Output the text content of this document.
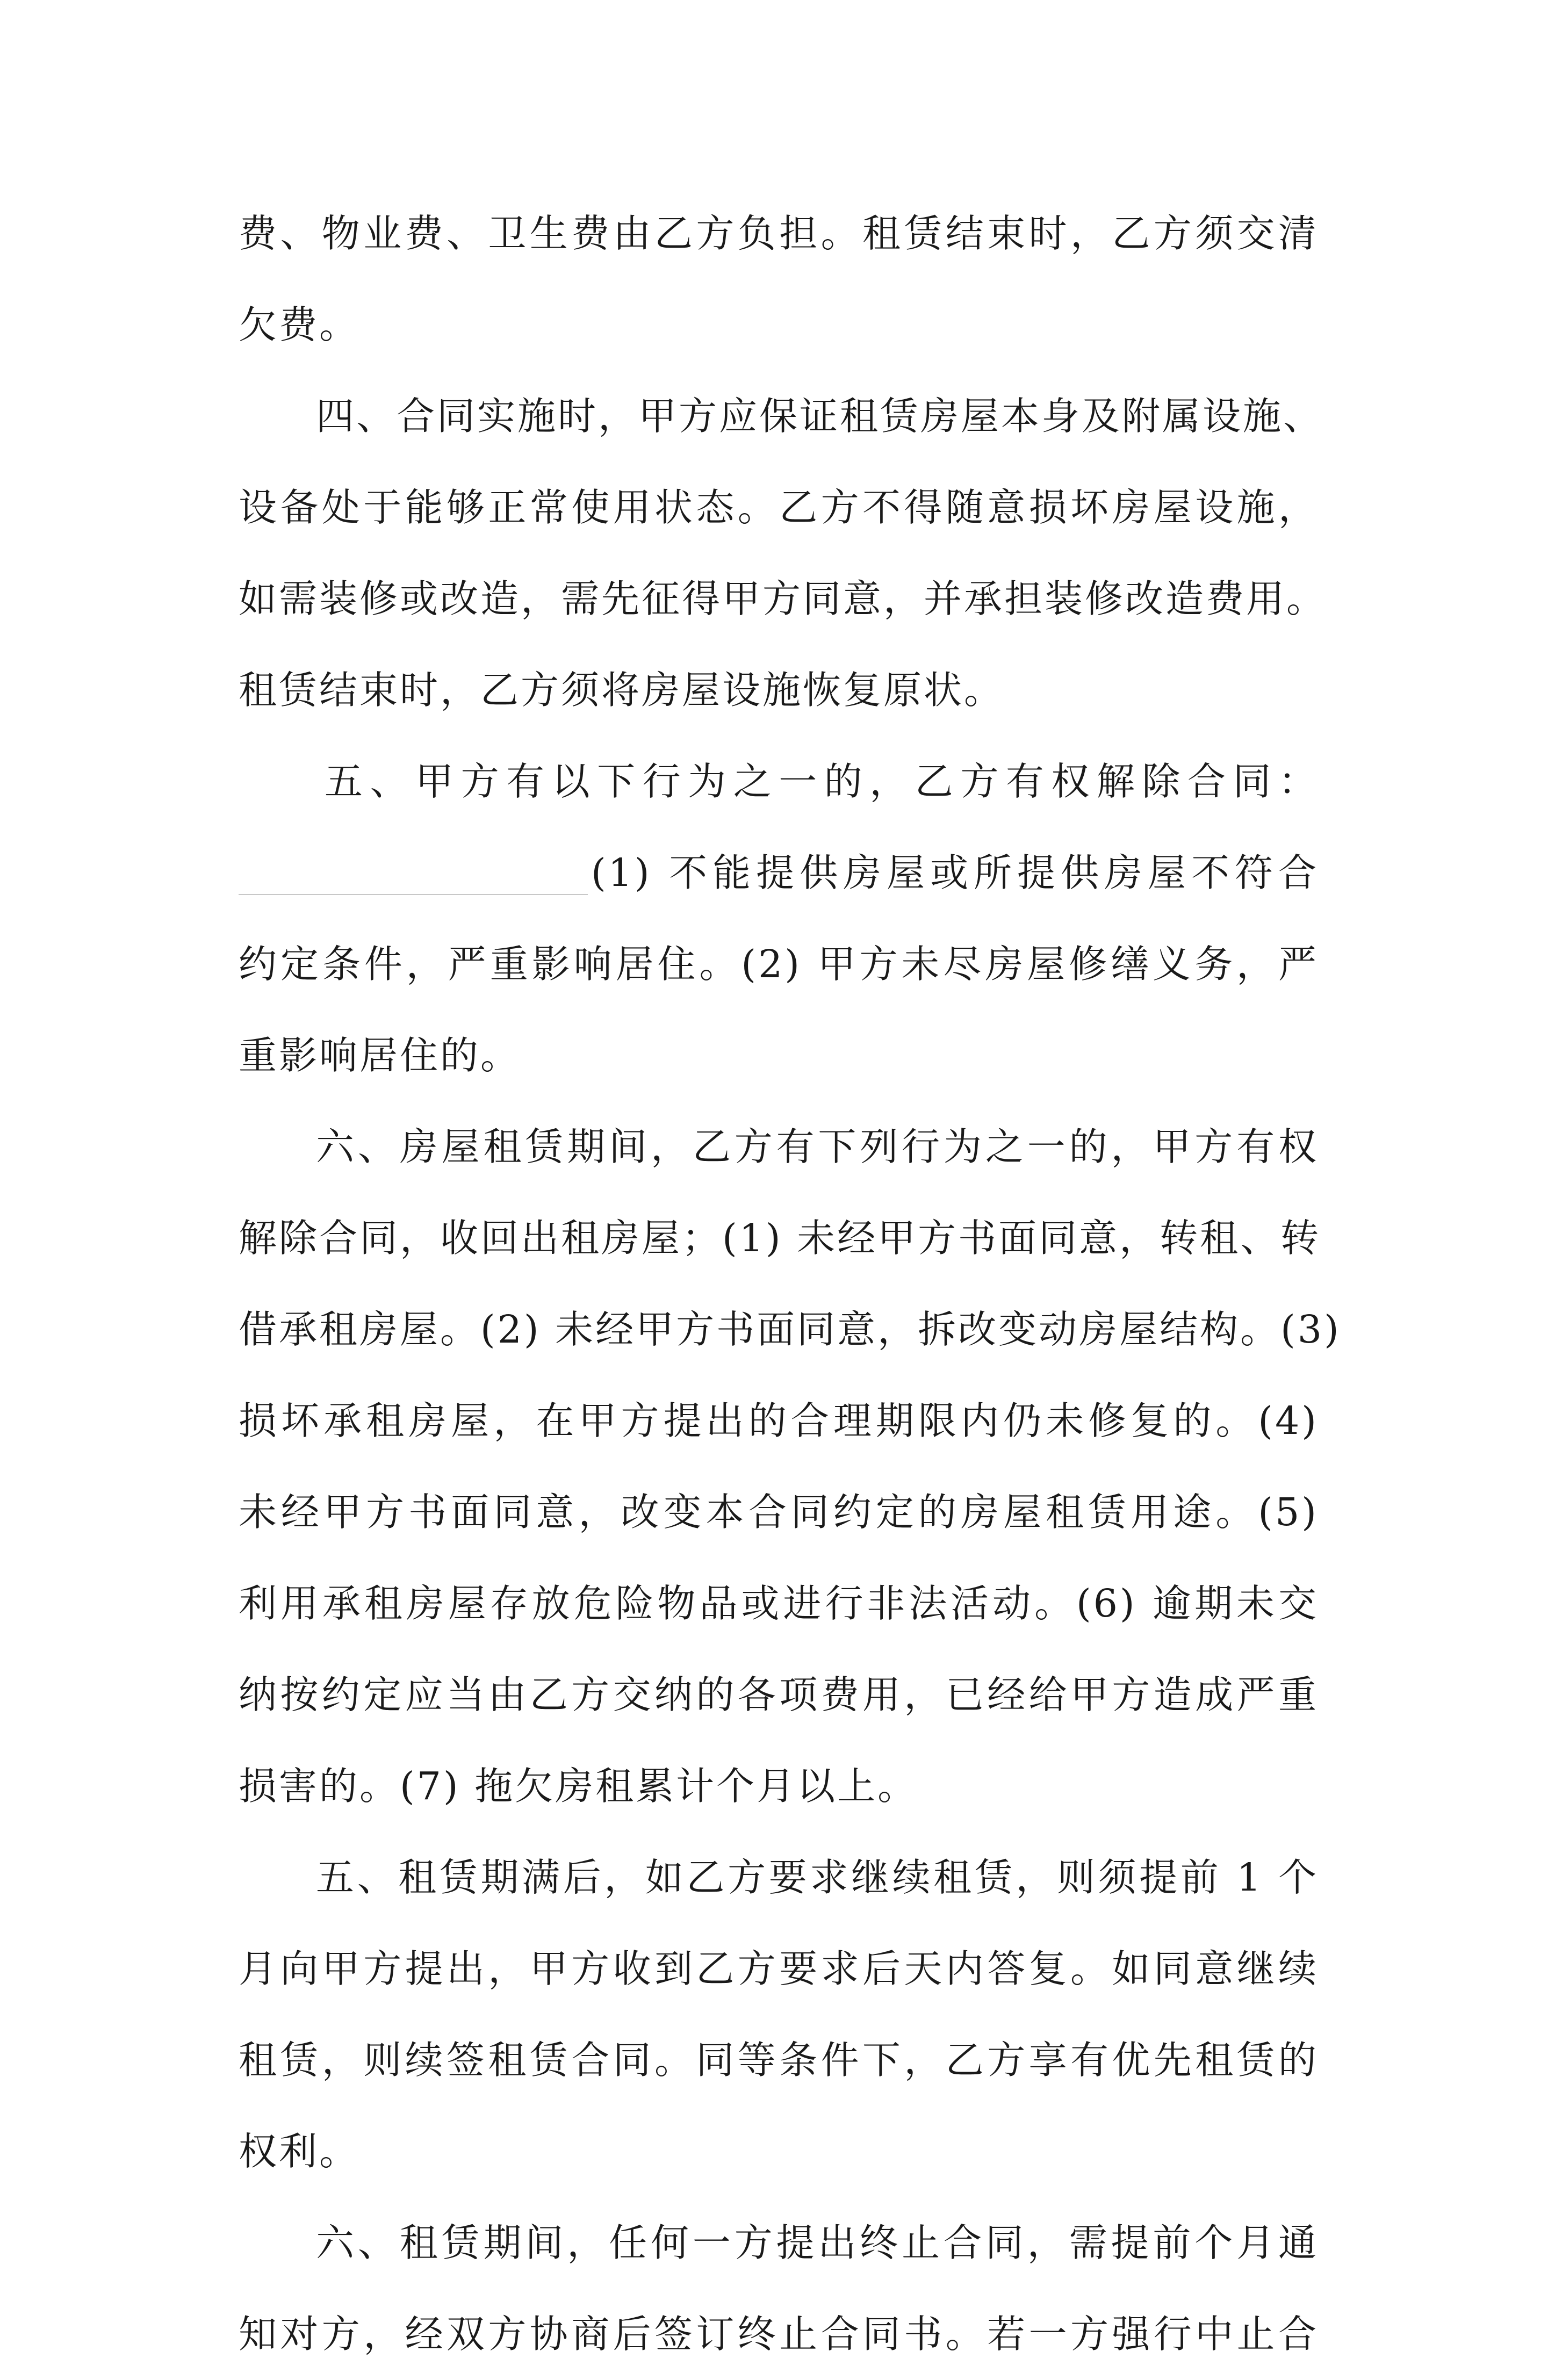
费、物业费、卫生费由乙方负担。租赁结束时，乙方须交清
欠费。
四、合同实施时，甲方应保证租赁房屋本身及附属设施、
设备处于能够正常使用状态。乙方不得随意损坏房屋设施，
如需装修或改造，需先征得甲方同意，并承担装修改造费用。
租赁结束时，乙方须将房屋设施恢复原状。
五、甲方有以下行为之一的，乙方有权解除合同：
(1) 不能提供房屋或所提供房屋不符合
约定条件，严重影响居住。(2) 甲方未尽房屋修缮义务，严
重影响居住的。
六、房屋租赁期间，乙方有下列行为之一的，甲方有权
解除合同，收回出租房屋；(1) 未经甲方书面同意，转租、转
借承租房屋。(2) 未经甲方书面同意，拆改变动房屋结构。(3)
损坏承租房屋，在甲方提出的合理期限内仍未修复的。(4)
未经甲方书面同意，改变本合同约定的房屋租赁用途。(5)
利用承租房屋存放危险物品或进行非法活动。(6) 逾期未交
纳按约定应当由乙方交纳的各项费用，已经给甲方造成严重
损害的。(7) 拖欠房租累计个月以上。
五、租赁期满后，如乙方要求继续租赁，则须提前 1 个
月向甲方提出，甲方收到乙方要求后天内答复。如同意继续
租赁，则续签租赁合同。同等条件下，乙方享有优先租赁的
权利。
六、租赁期间，任何一方提出终止合同，需提前个月通
知对方，经双方协商后签订终止合同书。若一方强行中止合
